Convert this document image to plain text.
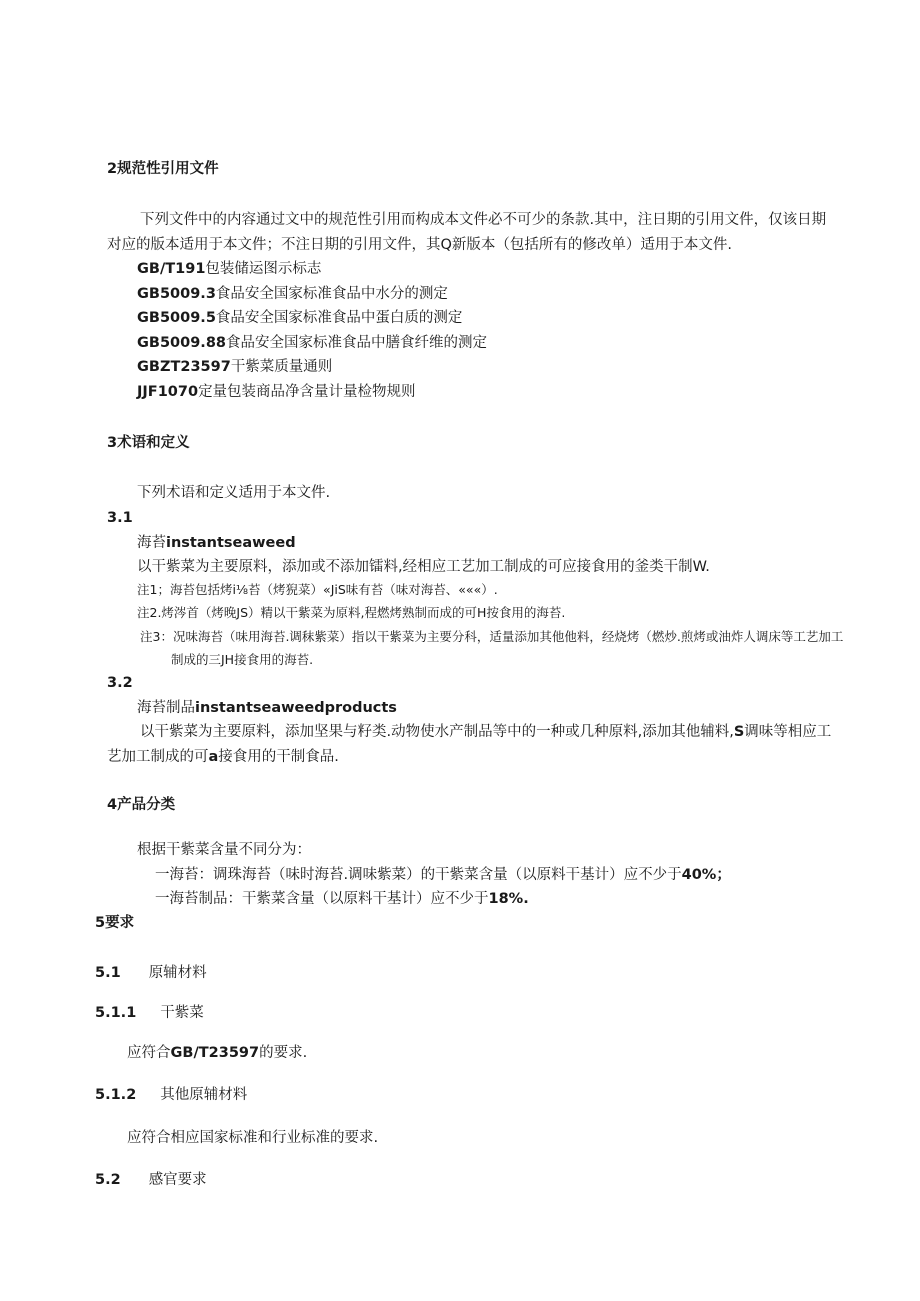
2规范性引用文件
下列文件中的内容通过文中的规范性引用而构成本文件必不可少的条款.其中，注日期的引用文件，仅该日期
对应的版本适用于本文件；不注日期的引用文件，其Q新版本（包括所有的修改单）适用于本文件.
GB/T191包装储运图示标志
GB5009.3食品安全国家标准食品中水分的测定
GB5009.5食品安全国家标准食品中蛋白质的测定
GB5009.88食品安全国家标准食品中膳食纤维的测定
GBZT23597干紫菜质量通则
JJF1070定量包装商品净含量计量检物规则
3术语和定义
下列术语和定义适用于本文件.
3.1
海苔instantseaweed
以干紫菜为主要原料，添加或不添加镭料,经相应工艺加工制成的可应接食用的釜类干制W.
注1；海苔包括烤i⅛苔（烤猊菜）«JiS味有苔（味对海苔、«««）.
注2.烤涔首（烤晚JS）精以干紫菜为原料,程燃烤熟制而成的可H按食用的海苔.
注3：况味海苔（味用海苔.调秣紫菜）指以干紫菜为主要分科，适量添加其他他料，经烧烤（燃炒.煎烤或油炸人调床等工艺加工
制成的三JH接食用的海苔.
3.2
海苔制品instantseaweedproducts
以干紫菜为主要原料，添加坚果与籽类.动物使水产制品等中的一种或几种原料,添加其他辅料,S调味等相应工
艺加工制成的可a接食用的干制食品.
4产品分类
根据干紫菜含量不同分为：
一海苔：调珠海苔（味时海苔.调味紫菜）的干紫菜含量（以原料干基计）应不少于40%；
一海苔制品：干紫菜含量（以原料干基计）应不少于18%.
5要求
5.1 原辅材料
5.1.1 干紫菜
应符合GB/T23597的要求.
5.1.2 其他原辅材料
应符合相应国家标准和行业标准的要求.
5.2 感官要求
